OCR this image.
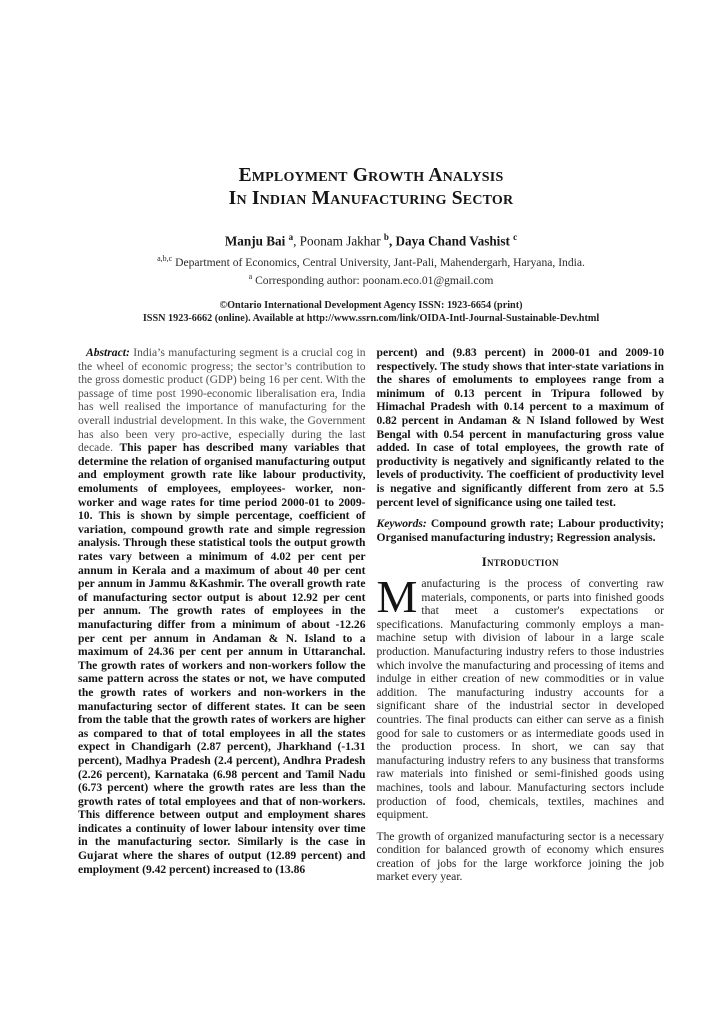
Employment Growth Analysis
In Indian Manufacturing Sector
Manju Bai $^a$, Poonam Jakhar $^b$, Daya Chand Vashist $^c$
$^{a,b,c}$ Department of Economics, Central University, Jant-Pali, Mahendergarh, Haryana, India.
$^a$ Corresponding author: poonam.eco.01@gmail.com
©Ontario International Development Agency ISSN: 1923-6654 (print)
ISSN 1923-6662 (online). Available at http://www.ssrn.com/link/OIDA-Intl-Journal-Sustainable-Dev.html

Abstract: India’s manufacturing segment is a crucial cog in the wheel of economic progress; the sector’s contribution to the gross domestic product (GDP) being 16 per cent. With the passage of time post 1990-economic liberalisation era, India has well realised the importance of manufacturing for the overall industrial development. In this wake, the Government has also been very pro-active, especially during the last decade. This paper has described many variables that determine the relation of organised manufacturing output and employment growth rate like labour productivity, emoluments of employees, employees- worker, non-worker and wage rates for time period 2000-01 to 2009-10. This is shown by simple percentage, coefficient of variation, compound growth rate and simple regression analysis. Through these statistical tools the output growth rates vary between a minimum of 4.02 per cent per annum in Kerala and a maximum of about 40 per cent per annum in Jammu &Kashmir. The overall growth rate of manufacturing sector output is about 12.92 per cent per annum. The growth rates of employees in the manufacturing differ from a minimum of about -12.26 per cent per annum in Andaman & N. Island to a maximum of 24.36 per cent per annum in Uttaranchal. The growth rates of workers and non-workers follow the same pattern across the states or not, we have computed the growth rates of workers and non-workers in the manufacturing sector of different states. It can be seen from the table that the growth rates of workers are higher as compared to that of total employees in all the states expect in Chandigarh (2.87 percent), Jharkhand (-1.31 percent), Madhya Pradesh (2.4 percent), Andhra Pradesh (2.26 percent), Karnataka (6.98 percent and Tamil Nadu (6.73 percent) where the growth rates are less than the growth rates of total employees and that of non-workers. This difference between output and employment shares indicates a continuity of lower labour intensity over time in the manufacturing sector. Similarly is the case in Gujarat where the shares of output (12.89 percent) and employment (9.42 percent) increased to (13.86

percent) and (9.83 percent) in 2000-01 and 2009-10 respectively. The study shows that inter-state variations in the shares of emoluments to employees range from a minimum of 0.13 percent in Tripura followed by Himachal Pradesh with 0.14 percent to a maximum of 0.82 percent in Andaman & N Island followed by West Bengal with 0.54 percent in manufacturing gross value added. In case of total employees, the growth rate of productivity is negatively and significantly related to the levels of productivity. The coefficient of productivity level is negative and significantly different from zero at 5.5 percent level of significance using one tailed test.

Keywords: Compound growth rate; Labour productivity; Organised manufacturing industry; Regression analysis.

Introduction

Manufacturing is the process of converting raw materials, components, or parts into finished goods that meet a customer's expectations or specifications. Manufacturing commonly employs a man-machine setup with division of labour in a large scale production. Manufacturing industry refers to those industries which involve the manufacturing and processing of items and indulge in either creation of new commodities or in value addition. The manufacturing industry accounts for a significant share of the industrial sector in developed countries. The final products can either can serve as a finish good for sale to customers or as intermediate goods used in the production process. In short, we can say that manufacturing industry refers to any business that transforms raw materials into finished or semi-finished goods using machines, tools and labour. Manufacturing sectors include production of food, chemicals, textiles, machines and equipment.

The growth of organized manufacturing sector is a necessary condition for balanced growth of economy which ensures creation of jobs for the large workforce joining the job market every year.
